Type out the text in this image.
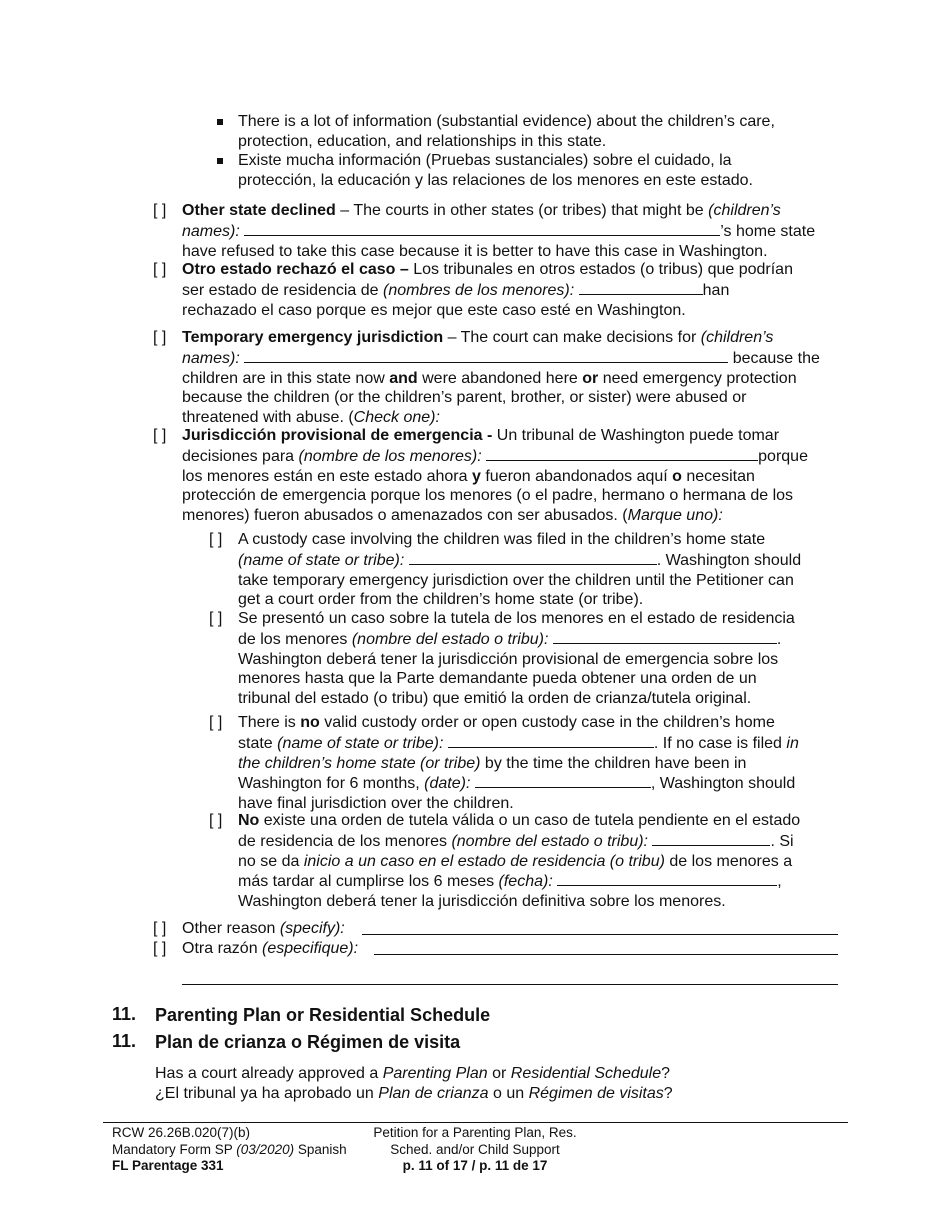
There is a lot of information (substantial evidence) about the children’s care, protection, education, and relationships in this state.

Existe mucha información (Pruebas sustanciales) sobre el cuidado, la protección, la educación y las relaciones de los menores en este estado.

[ ] Other state declined – The courts in other states (or tribes) that might be (children’s
names):	’s home state
have refused to take this case because it is better to have this case in Washington.
[ ] Otro estado rechazó el caso – Los tribunales en otros estados (o tribus) que podrían
ser estado de residencia de (nombres de los menores):	han
rechazado el caso porque es mejor que este caso esté en Washington.
[ ] Temporary emergency jurisdiction – The court can make decisions for (children’s
names):	because the
children are in this state now and were abandoned here or need emergency protection
because the children (or the children’s parent, brother, or sister) were abused or
threatened with abuse. (Check one):
[ ] Jurisdicción provisional de emergencia - Un tribunal de Washington puede tomar
decisiones para (nombre de los menores):	porque
los menores están en este estado ahora y fueron abandonados aquí o necesitan
protección de emergencia porque los menores (o el padre, hermano o hermana de los
menores) fueron abusados o amenazados con ser abusados. (Marque uno):
[ ] A custody case involving the children was filed in the children’s home state
(name of state or tribe):	. Washington should
take temporary emergency jurisdiction over the children until the Petitioner can
get a court order from the children’s home state (or tribe).
[ ] Se presentó un caso sobre la tutela de los menores en el estado de residencia
de los menores (nombre del estado o tribu):	.
Washington deberá tener la jurisdicción provisional de emergencia sobre los
menores hasta que la Parte demandante pueda obtener una orden de un
tribunal del estado (o tribu) que emitió la orden de crianza/tutela original.
[ ] There is no valid custody order or open custody case in the children’s home
state (name of state or tribe):	. If no case is filed in
the children’s home state (or tribe) by the time the children have been in
Washington for 6 months, (date):	, Washington should
have final jurisdiction over the children.
[ ] No existe una orden de tutela válida o un caso de tutela pendiente en el estado
de residencia de los menores (nombre del estado o tribu):	. Si
no se da inicio a un caso en el estado de residencia (o tribu) de los menores a
más tardar al cumplirse los 6 meses (fecha):	,
Washington deberá tener la jurisdicción definitiva sobre los menores.
[ ] Other reason (specify):
[ ] Otra razón (especifique):
11. Parenting Plan or Residential Schedule
11. Plan de crianza o Régimen de visita
Has a court already approved a Parenting Plan or Residential Schedule?
¿El tribunal ya ha aprobado un Plan de crianza o un Régimen de visitas?
RCW 26.26B.020(7)(b)
Mandatory Form SP (03/2020) Spanish
FL Parentage 331
Petition for a Parenting Plan, Res.
Sched. and/or Child Support
p. 11 of 17 / p. 11 de 17
